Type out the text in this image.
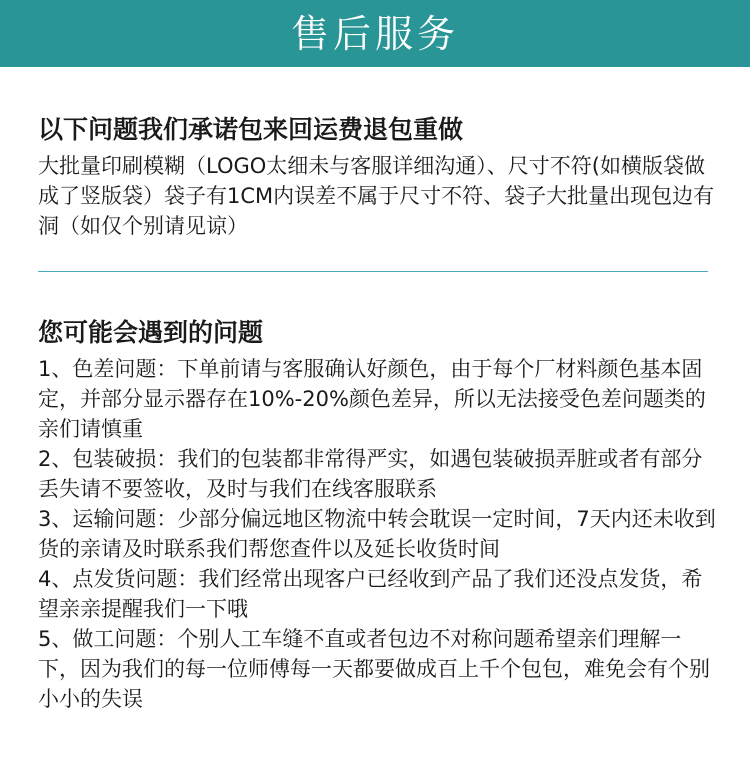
售后服务
以下问题我们承诺包来回运费退包重做
大批量印刷模糊（LOGO太细未与客服详细沟通）、尺寸不符(如横版袋做成了竖版袋）袋子有1CM内误差不属于尺寸不符、袋子大批量出现包边有洞（如仅个别请见谅）
您可能会遇到的问题
1、色差问题：下单前请与客服确认好颜色，由于每个厂材料颜色基本固定，并部分显示器存在10%-20%颜色差异，所以无法接受色差问题类的亲们请慎重
2、包装破损：我们的包装都非常得严实，如遇包装破损弄脏或者有部分丢失请不要签收，及时与我们在线客服联系
3、运输问题：少部分偏远地区物流中转会耽误一定时间，7天内还未收到货的亲请及时联系我们帮您查件以及延长收货时间
4、点发货问题：我们经常出现客户已经收到产品了我们还没点发货，希望亲亲提醒我们一下哦
5、做工问题：个别人工车缝不直或者包边不对称问题希望亲们理解一下，因为我们的每一位师傅每一天都要做成百上千个包包，难免会有个别小小的失误
